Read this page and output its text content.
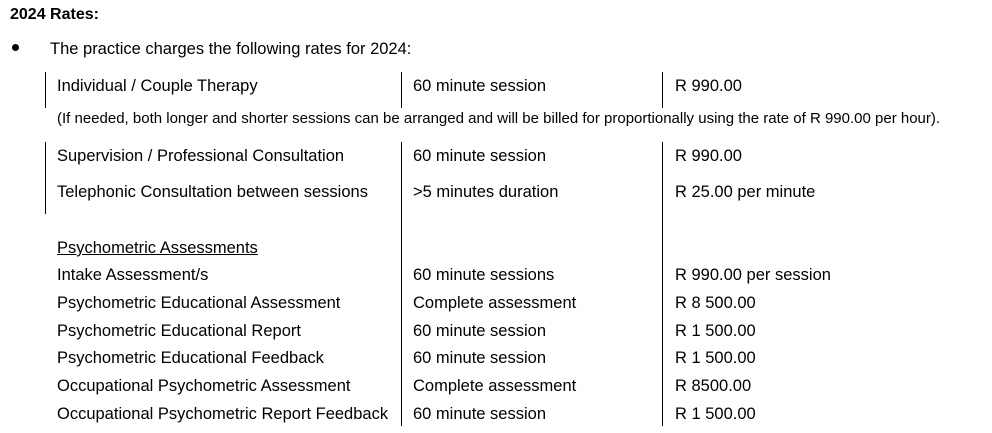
2024 Rates:
The practice charges the following rates for 2024:
Individual / Couple Therapy	60 minute session	R 990.00
(If needed, both longer and shorter sessions can be arranged and will be billed for proportionally using the rate of R 990.00 per hour).
Supervision / Professional Consultation	60 minute session	R 990.00
Telephonic Consultation between sessions	>5 minutes duration	R 25.00 per minute
Psychometric Assessments
Intake Assessment/s	60 minute sessions	R 990.00 per session
Psychometric Educational Assessment	Complete assessment	R 8 500.00
Psychometric Educational Report	60 minute session	R 1 500.00
Psychometric Educational Feedback	60 minute session	R 1 500.00
Occupational Psychometric Assessment	Complete assessment	R 8500.00
Occupational Psychometric Report Feedback 60 minute session	R 1 500.00
